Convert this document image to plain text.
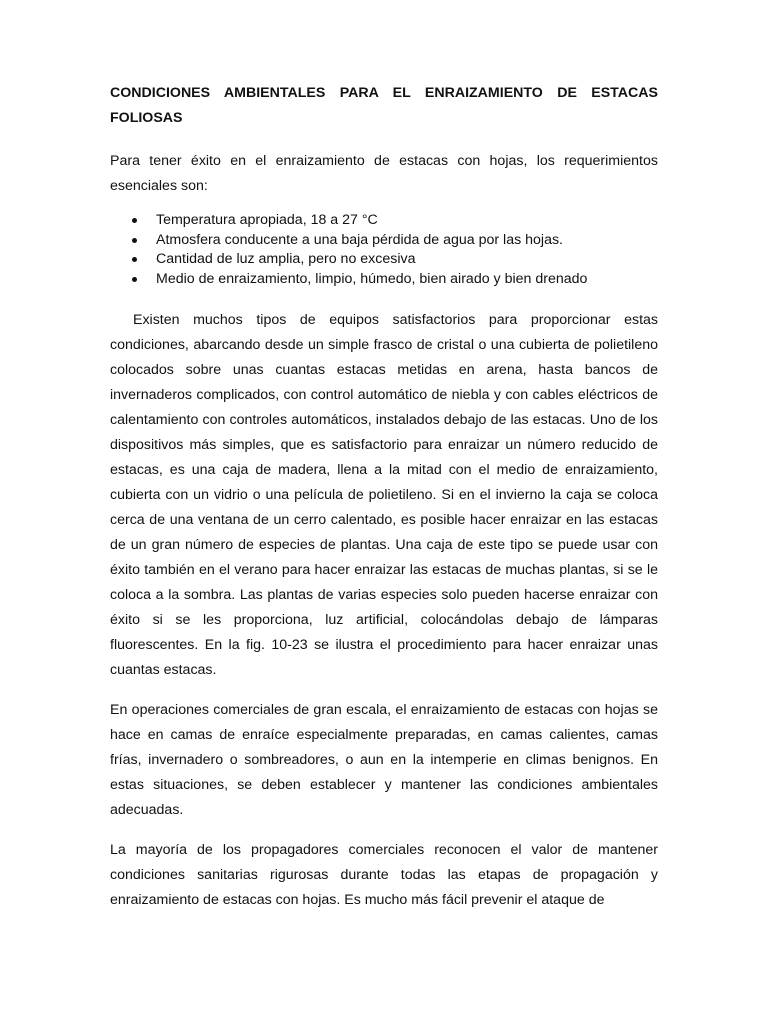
CONDICIONES AMBIENTALES PARA EL ENRAIZAMIENTO DE ESTACAS FOLIOSAS

Para tener éxito en el enraizamiento de estacas con hojas, los requerimientos esenciales son:

Temperatura apropiada, 18 a 27 °C
Atmosfera conducente a una baja pérdida de agua por las hojas.
Cantidad de luz amplia, pero no excesiva
Medio de enraizamiento, limpio, húmedo, bien airado y bien drenado

Existen muchos tipos de equipos satisfactorios para proporcionar estas condiciones, abarcando desde un simple frasco de cristal o una cubierta de polietileno colocados sobre unas cuantas estacas metidas en arena, hasta bancos de invernaderos complicados, con control automático de niebla y con cables eléctricos de calentamiento con controles automáticos, instalados debajo de las estacas. Uno de los dispositivos más simples, que es satisfactorio para enraizar un número reducido de estacas, es una caja de madera, llena a la mitad con el medio de enraizamiento, cubierta con un vidrio o una película de polietileno. Si en el invierno la caja se coloca cerca de una ventana de un cerro calentado, es posible hacer enraizar en las estacas de un gran número de especies de plantas. Una caja de este tipo se puede usar con éxito también en el verano para hacer enraizar las estacas de muchas plantas, si se le coloca a la sombra. Las plantas de varias especies solo pueden hacerse enraizar con éxito si se les proporciona, luz artificial, colocándolas debajo de lámparas fluorescentes. En la fig. 10-23 se ilustra el procedimiento para hacer enraizar unas cuantas estacas.

En operaciones comerciales de gran escala, el enraizamiento de estacas con hojas se hace en camas de enraíce especialmente preparadas, en camas calientes, camas frías, invernadero o sombreadores, o aun en la intemperie en climas benignos. En estas situaciones, se deben establecer y mantener las condiciones ambientales adecuadas.

La mayoría de los propagadores comerciales reconocen el valor de mantener condiciones sanitarias rigurosas durante todas las etapas de propagación y enraizamiento de estacas con hojas. Es mucho más fácil prevenir el ataque de
